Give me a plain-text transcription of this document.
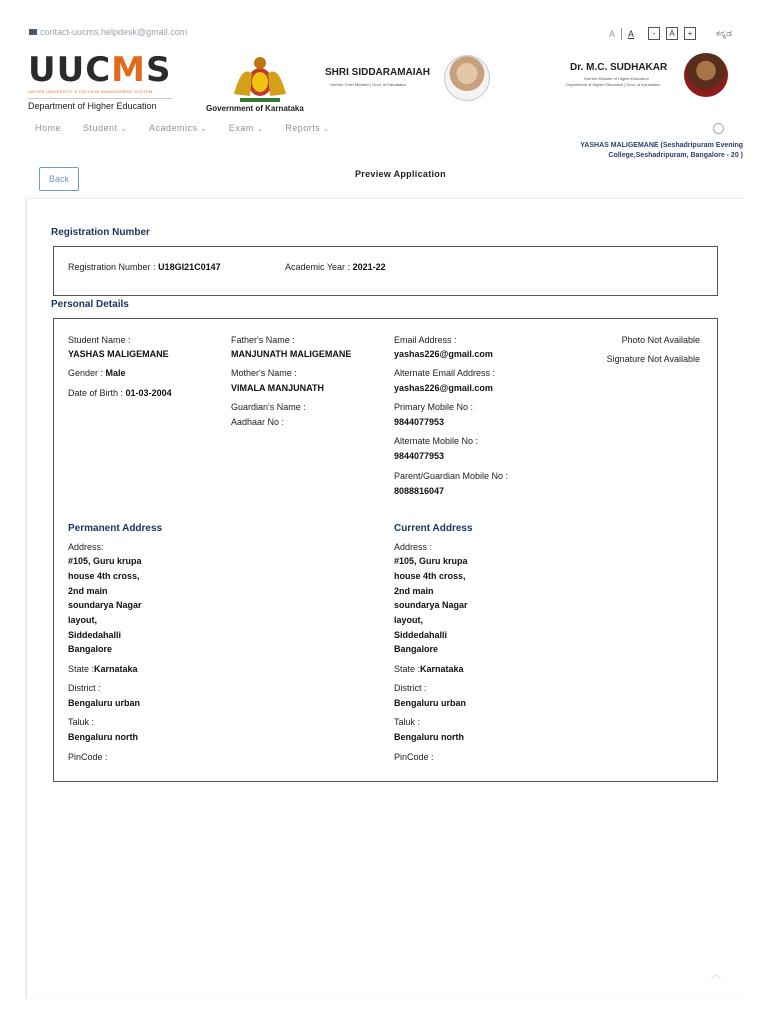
contact-uucms.helpdesk@gmail.com	A A	-	A	+	ಕನ್ನಡ
UUCMS
UNITED UNIVERSITY & COLLEGE MANAGEMENT SYSTEM
Department of Higher Education	Government of Karnataka
SHRI SIDDARAMAIAH
Hon'ble Chief Minister | Govt. of Karnataka.
Dr. M.C. SUDHAKAR
Hon'ble Minister of Higher Education
Department of Higher Education | Govt. of Karnataka.
Home Student ⌄ Academics ⌄ Exam ⌄ Reports ⌄
YASHAS MALIGEMANE (Seshadripuram Evening
College,Seshadripuram, Bangalore - 20 )
Back	Preview Application
Registration Number
Registration Number : U18GI21C0147	Academic Year : 2021-22
Personal Details
Student Name :
YASHAS MALIGEMANE
Gender : Male
Date of Birth : 01-03-2004
Father's Name :
MANJUNATH MALIGEMANE
Mother's Name :
VIMALA MANJUNATH
Guardian's Name :
Aadhaar No :
Email Address :
yashas226@gmail.com
Alternate Email Address :
yashas226@gmail.com
Primary Mobile No :
9844077953
Alternate Mobile No :
9844077953
Parent/Guardian Mobile No :
8088816047
Photo Not Available
Signature Not Available
Permanent Address
Address:
#105, Guru krupa
house 4th cross,
2nd main
soundarya Nagar
layout,
Siddedahalli
Bangalore
State :Karnataka
District :
Bengaluru urban
Taluk :
Bengaluru north
PinCode :
Current Address
Address :
#105, Guru krupa
house 4th cross,
2nd main
soundarya Nagar
layout,
Siddedahalli
Bangalore
State :Karnataka
District :
Bengaluru urban
Taluk :
Bengaluru north
PinCode :
︿
